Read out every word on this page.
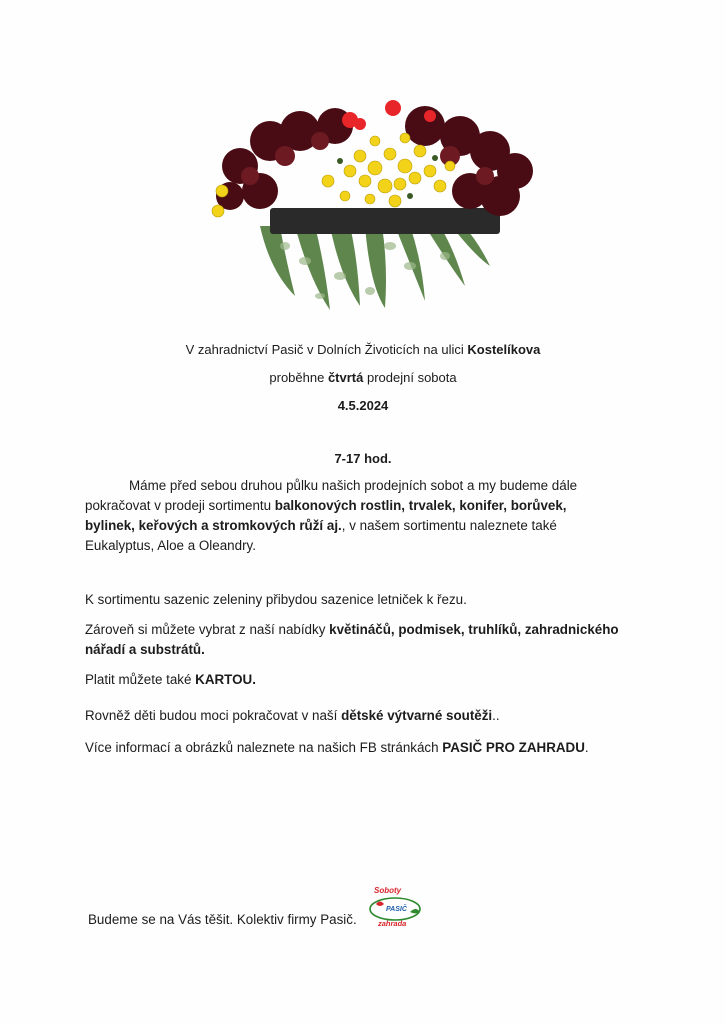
V zahradnictví Pasič v Dolních Životicích na ulici Kostelíkova
proběhne čtvrtá prodejní sobota
4.5.2024
7-17 hod.
Máme před sebou druhou půlku našich prodejních sobot a my budeme dále
pokračovat v prodeji sortimentu balkonových rostlin, trvalek, konifer, borůvek,
bylinek, keřových a stromkových růží aj., v našem sortimentu naleznete také
Eukalyptus, Aloe a Oleandry.
K sortimentu sazenic zeleniny přibydou sazenice letniček k řezu.
Zároveň si můžete vybrat z naší nabídky květináčů, podmisek, truhlíků, zahradnického
nářadí a substrátů.
Platit můžete také KARTOU.
Rovněž děti budou moci pokračovat v naší dětské výtvarné soutěži..
Více informací a obrázků naleznete na našich FB stránkách PASIČ PRO ZAHRADU.
Budeme se na Vás těšit. Kolektiv firmy Pasič.
Soboty
PASIČ
zahrada
